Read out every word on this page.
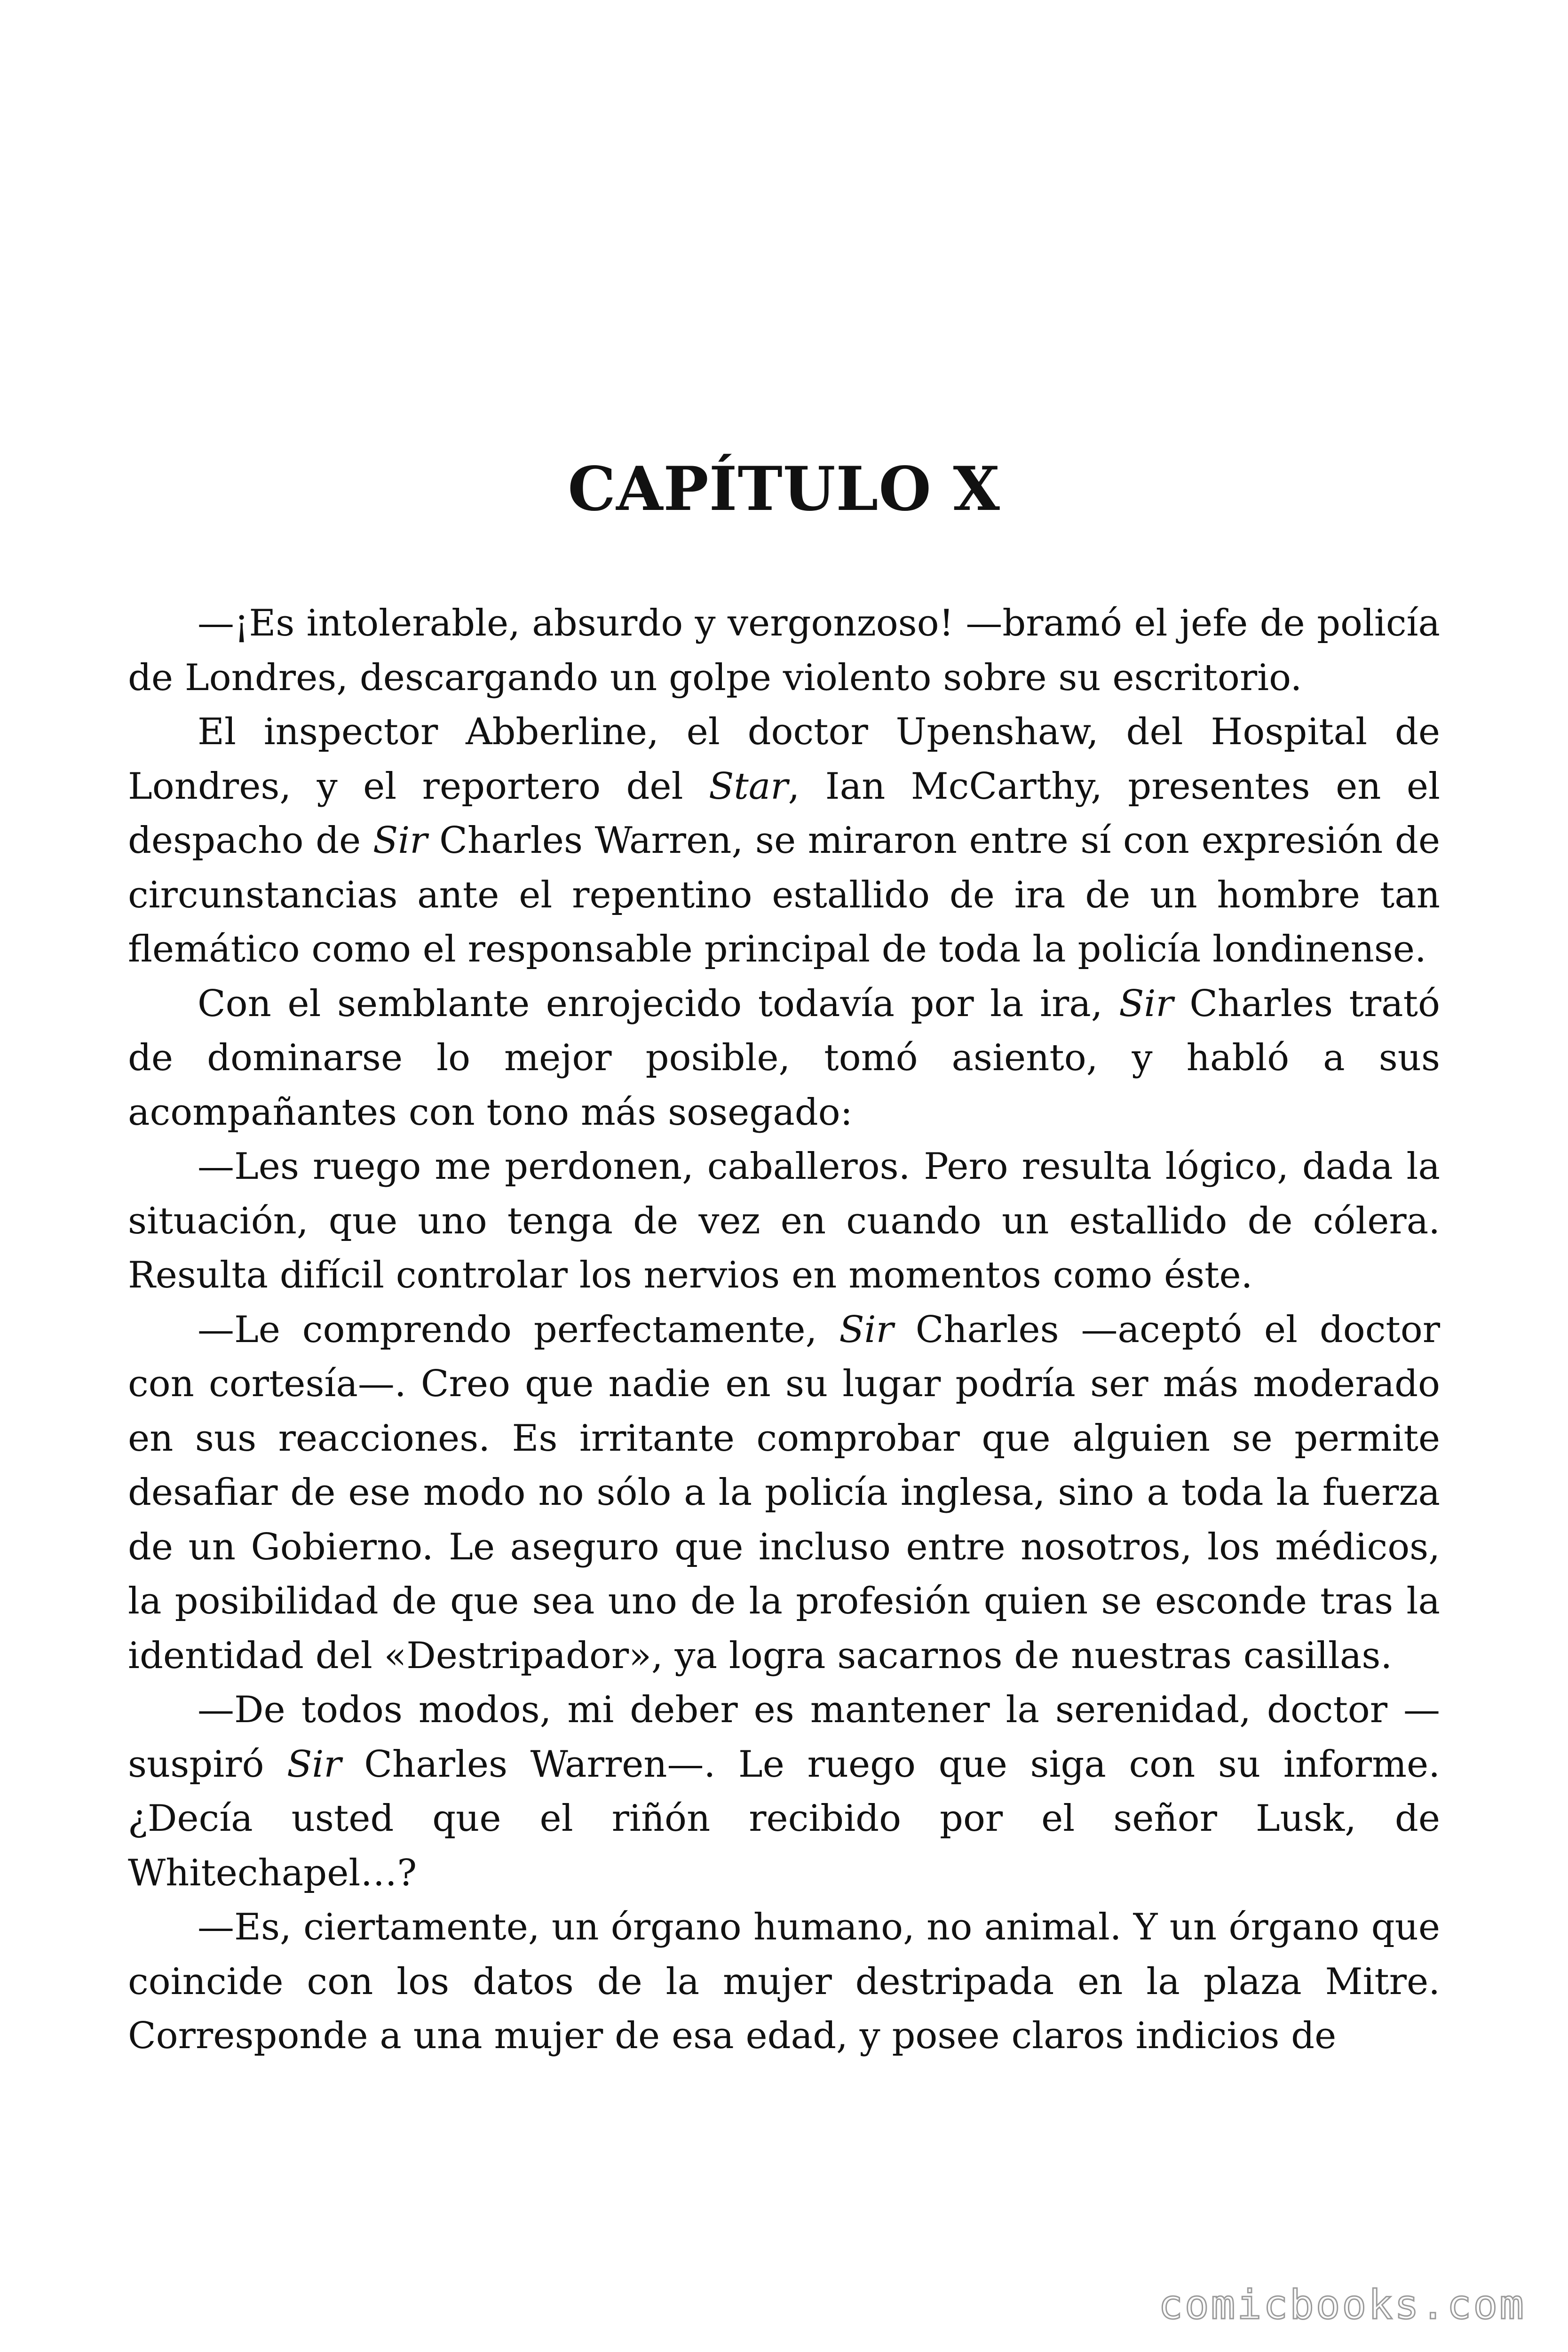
CAPÍTULO X

—¡Es intolerable, absurdo y vergonzoso! —bramó el jefe de policía de Londres, descargando un golpe violento sobre su escritorio.

El inspector Abberline, el doctor Upenshaw, del Hospital de Londres, y el reportero del Star, Ian McCarthy, presentes en el despacho de Sir Charles Warren, se miraron entre sí con expresión de circunstancias ante el repentino estallido de ira de un hombre tan flemático como el responsable principal de toda la policía londinense.

Con el semblante enrojecido todavía por la ira, Sir Charles trató de dominarse lo mejor posible, tomó asiento, y habló a sus acompañantes con tono más sosegado:

—Les ruego me perdonen, caballeros. Pero resulta lógico, dada la situación, que uno tenga de vez en cuando un estallido de cólera. Resulta difícil controlar los nervios en momentos como éste.

—Le comprendo perfectamente, Sir Charles —aceptó el doctor con cortesía—. Creo que nadie en su lugar podría ser más moderado en sus reacciones. Es irritante comprobar que alguien se permite desafiar de ese modo no sólo a la policía inglesa, sino a toda la fuerza de un Gobierno. Le aseguro que incluso entre nosotros, los médicos, la posibilidad de que sea uno de la profesión quien se esconde tras la identidad del «Destripador», ya logra sacarnos de nuestras casillas.

—De todos modos, mi deber es mantener la serenidad, doctor —suspiró Sir Charles Warren—. Le ruego que siga con su informe. ¿Decía usted que el riñón recibido por el señor Lusk, de Whitechapel…?

—Es, ciertamente, un órgano humano, no animal. Y un órgano que coincide con los datos de la mujer destripada en la plaza Mitre. Corresponde a una mujer de esa edad, y posee claros indicios de

comicbooks.com
